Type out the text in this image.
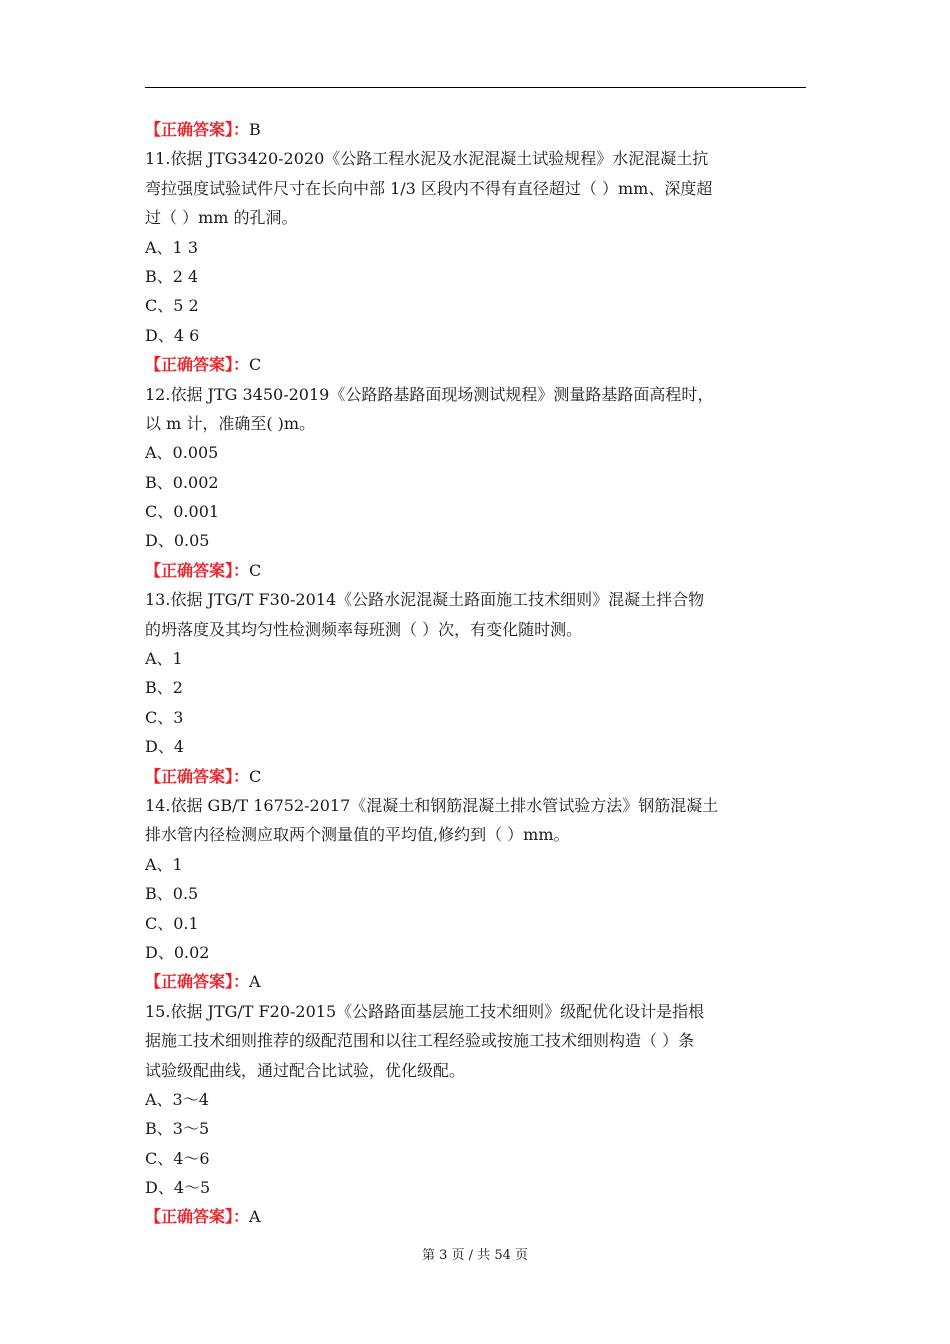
【正确答案】：B
11.依据 JTG3420-2020《公路工程水泥及水泥混凝土试验规程》水泥混凝土抗
弯拉强度试验试件尺寸在长向中部 1/3 区段内不得有直径超过（ ）mm、深度超
过（ ）mm 的孔洞。
A、1 3
B、2 4
C、5 2
D、4 6
【正确答案】：C
12.依据 JTG 3450-2019《公路路基路面现场测试规程》测量路基路面高程时，
以 m 计，准确至( )m。
A、0.005
B、0.002
C、0.001
D、0.05
【正确答案】：C
13.依据 JTG/T F30-2014《公路水泥混凝土路面施工技术细则》混凝土拌合物
的坍落度及其均匀性检测频率每班测（ ）次，有变化随时测。
A、1
B、2
C、3
D、4
【正确答案】：C
14.依据 GB/T 16752-2017《混凝土和钢筋混凝土排水管试验方法》钢筋混凝土
排水管内径检测应取两个测量值的平均值,修约到（ ）mm。
A、1
B、0.5
C、0.1
D、0.02
【正确答案】：A
15.依据 JTG/T F20-2015《公路路面基层施工技术细则》级配优化设计是指根
据施工技术细则推荐的级配范围和以往工程经验或按施工技术细则构造（ ）条
试验级配曲线，通过配合比试验，优化级配。
A、3～4
B、3～5
C、4～6
D、4～5
【正确答案】：A
第 3 页 / 共 54 页
